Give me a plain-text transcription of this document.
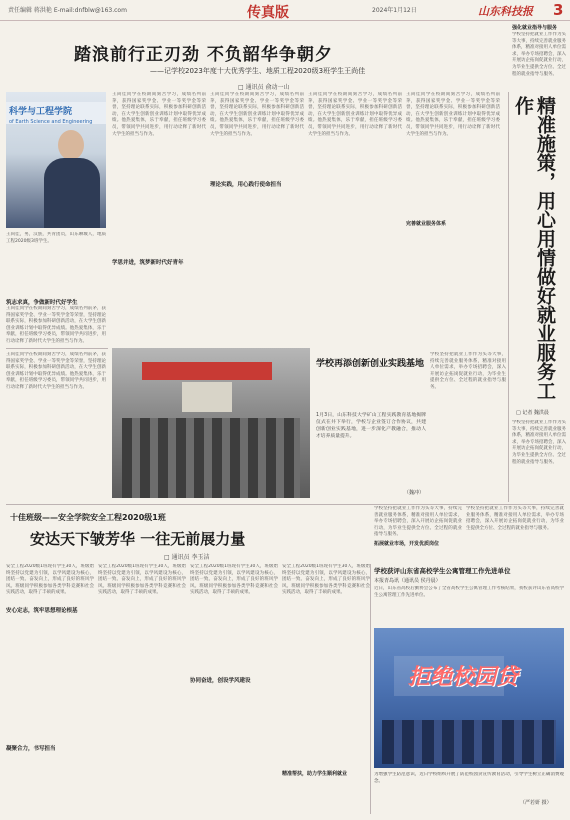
责任编辑 蒋洪艳 E-mail:dnfblw@163.com	传真版	2024年1月12日	山东科技报 3
踏浪前行正刃劲 不负韶华争朝夕
——记学校2023年度十大优秀学生、地质工程2020级3班学生王尚佳
□ 通讯员 俞动一山
科学与工程学院
of Earth Science and Engineering
王尚佳，男，汉族，共青团员，山东聊城人，地质工程2020级3班学生。
筑志求真，争做新时代好学生
王尚佳同学在校期间刻苦学习，成绩名列前茅，获得国家奖学金、学业一等奖学金等荣誉，坚持理论联系实际，积极参加科研创新活动，在大学生创新创业训练计划中取得优异成绩。他热爱集体，乐于奉献，担任班级学习委员，带领同学共同进步，用行动诠释了新时代大学生的担当与作为。
王尚佳同学在校期间刻苦学习，成绩名列前茅，获得国家奖学金、学业一等奖学金等荣誉，坚持理论联系实际，积极参加科研创新活动，在大学生创新创业训练计划中取得优异成绩。他热爱集体，乐于奉献，担任班级学习委员，带领同学共同进步，用行动诠释了新时代大学生的担当与作为。
学思并进，筑梦新时代好青年
王尚佳同学在校期间刻苦学习，成绩名列前茅，获得国家奖学金、学业一等奖学金等荣誉，坚持理论联系实际，积极参加科研创新活动，在大学生创新创业训练计划中取得优异成绩。他热爱集体，乐于奉献，担任班级学习委员，带领同学共同进步，用行动诠释了新时代大学生的担当与作为。
理论实践，用心践行使命担当
王尚佳同学在校期间刻苦学习，成绩名列前茅，获得国家奖学金、学业一等奖学金等荣誉，坚持理论联系实际，积极参加科研创新活动，在大学生创新创业训练计划中取得优异成绩。他热爱集体，乐于奉献，担任班级学习委员，带领同学共同进步，用行动诠释了新时代大学生的担当与作为。
王尚佳同学在校期间刻苦学习，成绩名列前茅，获得国家奖学金、学业一等奖学金等荣誉，坚持理论联系实际，积极参加科研创新活动，在大学生创新创业训练计划中取得优异成绩。他热爱集体，乐于奉献，担任班级学习委员，带领同学共同进步，用行动诠释了新时代大学生的担当与作为。
学校再添创新创业实践基地
1月3日，山东科技大学矿山工程实践教育基地揭牌仪式在井下举行，学校与企业签订合作协议，共建创新创业实践基地，进一步深化产教融合，推动人才培养质量提升。
（魏冲）
王尚佳同学在校期间刻苦学习，成绩名列前茅，获得国家奖学金、学业一等奖学金等荣誉，坚持理论联系实际，积极参加科研创新活动，在大学生创新创业训练计划中取得优异成绩。他热爱集体，乐于奉献，担任班级学习委员，带领同学共同进步，用行动诠释了新时代大学生的担当与作为。
学校坚持把就业工作作为头等大事，持续完善就业服务体系，精准对接用人单位需求，举办专场招聘会，深入开展访企拓岗促就业行动，为毕业生提供全方位、全过程的就业指导与服务。	精准施策，用心用情做好就业服务工作
□ 记者 魏洪晨
学校坚持把就业工作作为头等大事，持续完善就业服务体系，精准对接用人单位需求，举办专场招聘会，深入开展访企拓岗促就业行动，为毕业生提供全方位、全过程的就业指导与服务。
完善就业服务体系
强化就业指导与服务
学校坚持把就业工作作为头等大事，持续完善就业服务体系，精准对接用人单位需求，举办专场招聘会，深入开展访企拓岗促就业行动，为毕业生提供全方位、全过程的就业指导与服务。
十佳班级——安全学院安全工程2020级1班
安达天下皱芳华 一往无前展力量
□ 通讯员 李玉洁
安全工程2020级1班现有学生30人，班级始终坚持以党建为引领，以学风建设为核心，团结一致、奋发向上，形成了良好的班风学风。班级同学积极参加各类学科竞赛和社会实践活动，取得了丰硕的成果。
安心定志，筑牢思想理论根基
安全工程2020级1班现有学生30人，班级始终坚持以党建为引领，以学风建设为核心，团结一致、奋发向上，形成了良好的班风学风。班级同学积极参加各类学科竞赛和社会实践活动，取得了丰硕的成果。
凝聚合力，书写担当
安全工程2020级1班现有学生30人，班级始终坚持以党建为引领，以学风建设为核心，团结一致、奋发向上，形成了良好的班风学风。班级同学积极参加各类学科竞赛和社会实践活动，取得了丰硕的成果。
协同奋进，创设学风建设
安全工程2020级1班现有学生30人，班级始终坚持以党建为引领，以学风建设为核心，团结一致、奋发向上，形成了良好的班风学风。班级同学积极参加各类学科竞赛和社会实践活动，取得了丰硕的成果。
精准帮扶，助力学生顺利就业
学校坚持把就业工作作为头等大事，持续完善就业服务体系，精准对接用人单位需求，举办专场招聘会，深入开展访企拓岗促就业行动，为毕业生提供全方位、全过程的就业指导与服务。
拓展就业市场，开发优质岗位
学校坚持把就业工作作为头等大事，持续完善就业服务体系，精准对接用人单位需求，举办专场招聘会，深入开展访企拓岗促就业行动，为毕业生提供全方位、全过程的就业指导与服务。
学校获评山东省高校学生公寓管理工作先进单位
本报青岛讯（通讯员 侯丹晨）
近日，山东省高校后勤协会公布了全省高校学生公寓管理工作考核结果，我校获评山东省高校学生公寓管理工作先进单位。
拒绝校园贷
为增强学生防范意识，近日学校组织开展了防范校园贷宣传教育活动，引导学生树立正确消费观念。
（严若妍 摄）
